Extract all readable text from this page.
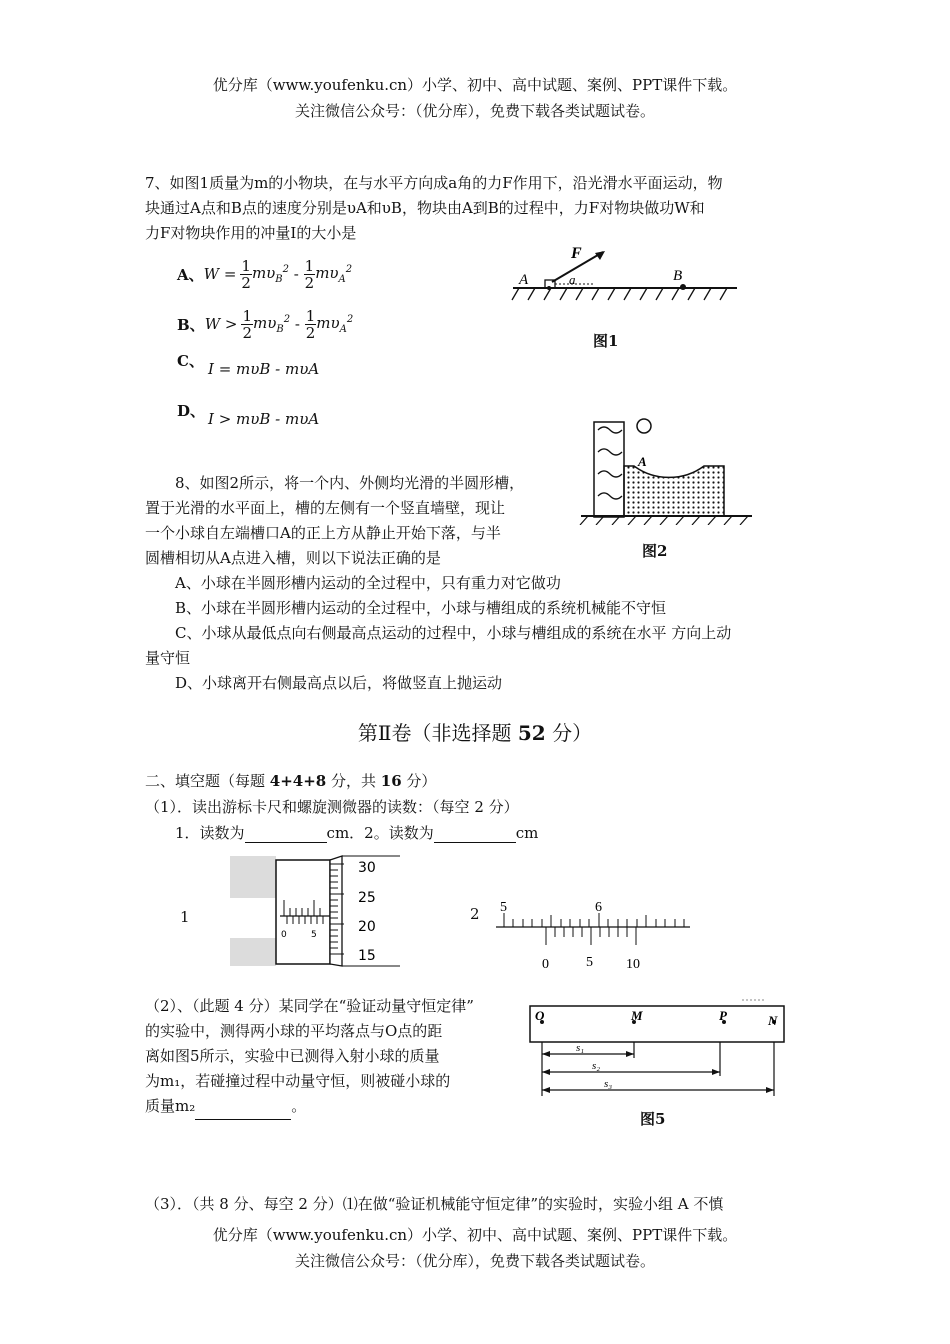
优分库（www.youfenku.cn）小学、初中、高中试题、案例、PPT课件下载。
关注微信公众号：（优分库），免费下载各类试题试卷。
7、如图1质量为m的小物块，在与水平方向成a角的力F作用下，沿光滑水平面运动，物
块通过A点和B点的速度分别是υA和υB，物块由A到B的过程中，力F对物块做功W和
力F对物块作用的冲量I的大小是
A、 $W = \frac{1}{2} m\upsilon_B^2 - \frac{1}{2} m\upsilon_A^2$
B、 $W > \frac{1}{2} m\upsilon_B^2 - \frac{1}{2} m\upsilon_A^2$
C、 I = mυB - mυA
D、 I > mυB - mυA
F
A	B
a
图1
A
图2
8、如图2所示，将一个内、外侧均光滑的半圆形槽，
置于光滑的水平面上，槽的左侧有一个竖直墙壁，现让
一个小球自左端槽口A的正上方从静止开始下落，与半
圆槽相切从A点进入槽，则以下说法正确的是
A、小球在半圆形槽内运动的全过程中，只有重力对它做功
B、小球在半圆形槽内运动的全过程中，小球与槽组成的系统机械能不守恒
C、小球从最低点向右侧最高点运动的过程中，小球与槽组成的系统在水平 方向上动
量守恒
D、小球离开右侧最高点以后，将做竖直上抛运动
第Ⅱ卷（非选择题 52 分）
二、填空题（每题 4+4+8 分，共 16 分）
（1）．读出游标卡尺和螺旋测微器的读数：（每空 2 分）
1．读数为	cm．2。读数为	cm
1
0	5
30
25
20
15
2 5	6
0	5 10
（2）、（此题 4 分）某同学在“验证动量守恒定律”
的实验中，测得两小球的平均落点与O点的距
离如图5所示，实验中已测得入射小球的质量
为m₁，若碰撞过程中动量守恒，则被碰小球的
质量m₂	。
O	M	P	N
s₁
s₂
s₃
图5
（3）．（共 8 分、每空 2 分）⑴在做“验证机械能守恒定律”的实验时，实验小组 A 不慎
优分库（www.youfenku.cn）小学、初中、高中试题、案例、PPT课件下载。
关注微信公众号：（优分库），免费下载各类试题试卷。
